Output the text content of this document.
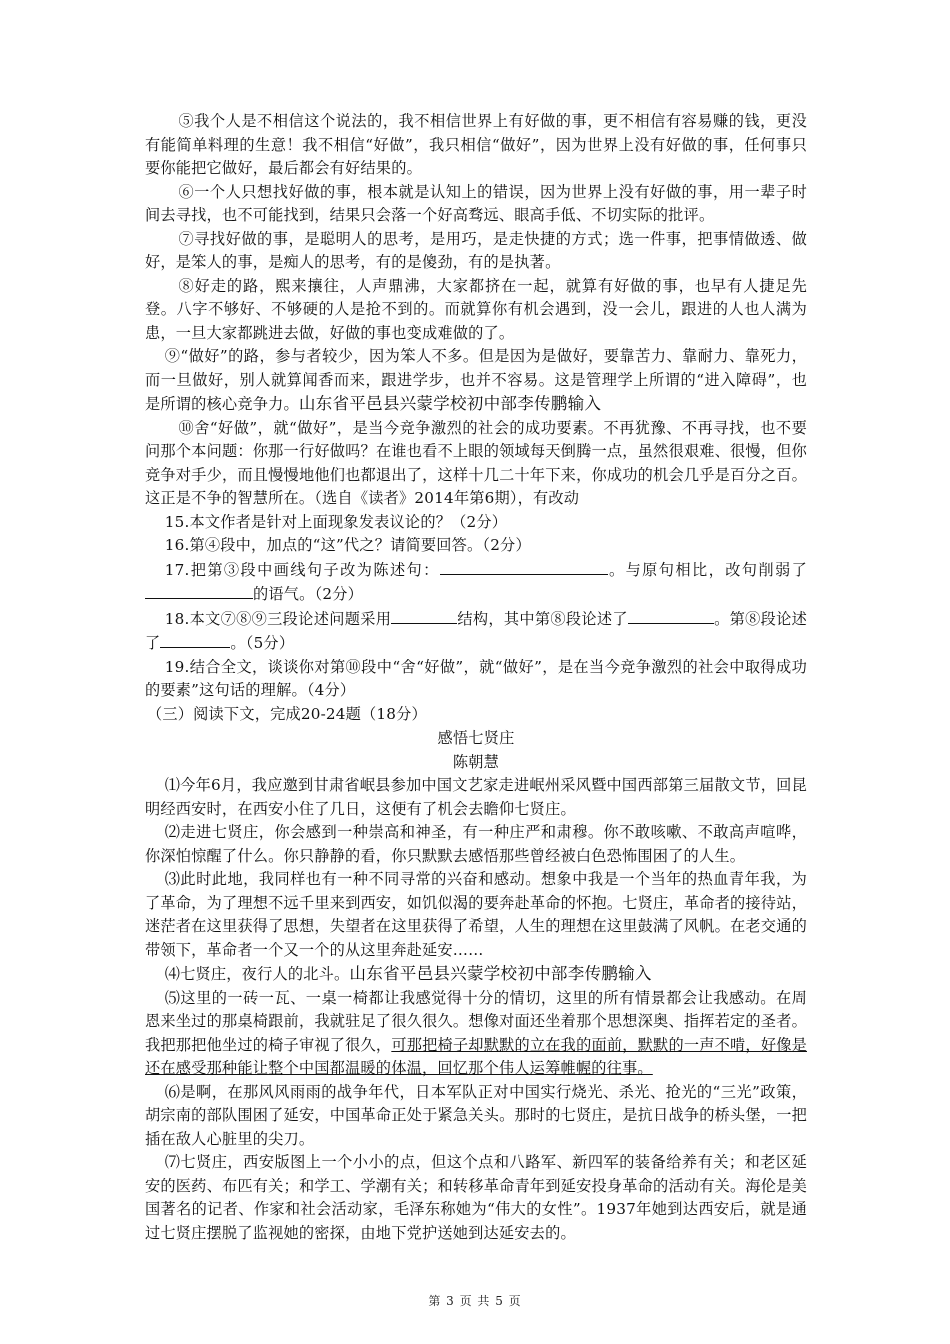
⑤我个人是不相信这个说法的，我不相信世界上有好做的事，更不相信有容易赚的钱，更没有能简单料理的生意！我不相信“好做”，我只相信“做好”，因为世界上没有好做的事，任何事只要你能把它做好，最后都会有好结果的。

⑥一个人只想找好做的事，根本就是认知上的错误，因为世界上没有好做的事，用一辈子时间去寻找，也不可能找到，结果只会落一个好高骛远、眼高手低、不切实际的批评。

⑦寻找好做的事，是聪明人的思考，是用巧，是走快捷的方式；选一件事，把事情做透、做好，是笨人的事，是痴人的思考，有的是傻劲，有的是执著。

⑧好走的路，熙来攘往，人声鼎沸，大家都挤在一起，就算有好做的事，也早有人捷足先登。八字不够好、不够硬的人是抢不到的。而就算你有机会遇到，没一会儿，跟进的人也人满为患，一旦大家都跳进去做，好做的事也变成难做的了。

⑨“做好”的路，参与者较少，因为笨人不多。但是因为是做好，要靠苦力、靠耐力、靠死力，而一旦做好，别人就算闻香而来，跟进学步，也并不容易。这是管理学上所谓的“进入障碍”，也是所谓的核心竞争力。山东省平邑县兴蒙学校初中部李传鹏输入

⑩舍“好做”，就“做好”，是当今竞争激烈的社会的成功要素。不再犹豫、不再寻找，也不要问那个本问题：你那一行好做吗？在谁也看不上眼的领域每天倒腾一点，虽然很艰难、很慢，但你竞争对手少，而且慢慢地他们也都退出了，这样十几二十年下来，你成功的机会几乎是百分之百。这正是不争的智慧所在。（选自《读者》2014年第6期），有改动

15.本文作者是针对上面现象发表议论的？（2分）

16.第④段中，加点的“这”代之？请简要回答。（2分）

17.把第③段中画线句子改为陈述句：	。与原句相比，改句削弱了的语气。（2分）

18.本文⑦⑧⑨三段论述问题采用	结构，其中第⑧段论述了	。第⑧段论述了	。（5分）

19.结合全文，谈谈你对第⑩段中“舍“好做”，就“做好”，是在当今竞争激烈的社会中取得成功的要素”这句话的理解。（4分）

（三）阅读下文，完成20-24题（18分）

感悟七贤庄

陈朝慧

⑴今年6月，我应邀到甘肃省岷县参加中国文艺家走进岷州采风暨中国西部第三届散文节，回昆明经西安时，在西安小住了几日，这便有了机会去瞻仰七贤庄。

⑵走进七贤庄，你会感到一种崇高和神圣，有一种庄严和肃穆。你不敢咳嗽、不敢高声喧哗，你深怕惊醒了什么。你只静静的看，你只默默去感悟那些曾经被白色恐怖围困了的人生。

⑶此时此地，我同样也有一种不同寻常的兴奋和感动。想象中我是一个当年的热血青年我，为了革命，为了理想不远千里来到西安，如饥似渴的要奔赴革命的怀抱。七贤庄，革命者的接待站，迷茫者在这里获得了思想，失望者在这里获得了希望，人生的理想在这里鼓满了风帆。在老交通的带领下，革命者一个又一个的从这里奔赴延安……

⑷七贤庄，夜行人的北斗。山东省平邑县兴蒙学校初中部李传鹏输入

⑸这里的一砖一瓦、一桌一椅都让我感觉得十分的情切，这里的所有情景都会让我感动。在周恩来坐过的那桌椅跟前，我就驻足了很久很久。想像对面还坐着那个思想深奥、指挥若定的圣者。我把那把他坐过的椅子审视了很久，可那把椅子却默默的立在我的面前，默默的一声不啃，好像是还在感受那种能让整个中国都温暖的体温，回忆那个伟人运筹帷幄的往事。

⑹是啊，在那风风雨雨的战争年代，日本军队正对中国实行烧光、杀光、抢光的“三光”政策，胡宗南的部队围困了延安，中国革命正处于紧急关头。那时的七贤庄，是抗日战争的桥头堡，一把插在敌人心脏里的尖刀。

⑺七贤庄，西安版图上一个小小的点，但这个点和八路军、新四军的装备给养有关；和老区延安的医药、布匹有关；和学工、学潮有关；和转移革命青年到延安投身革命的活动有关。海伦是美国著名的记者、作家和社会活动家，毛泽东称她为“伟大的女性”。1937年她到达西安后，就是通过七贤庄摆脱了监视她的密探，由地下党护送她到达延安去的。

第 3 页 共 5 页
